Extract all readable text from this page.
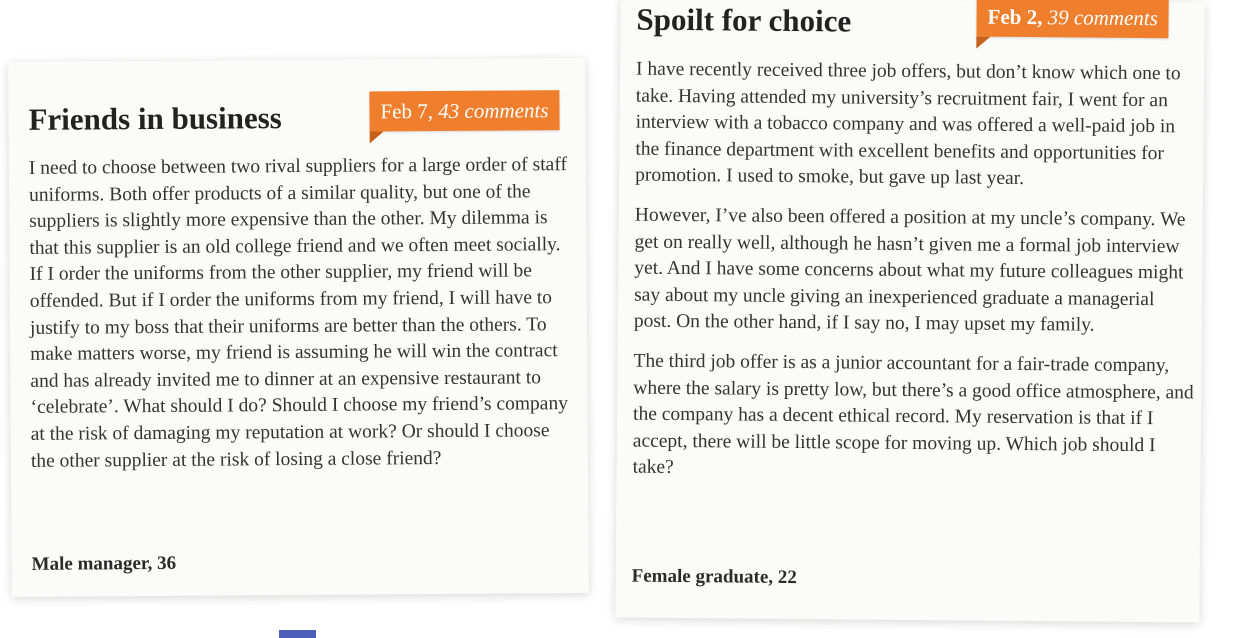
Friends in business	Feb 7, 43 comments

I need to choose between two rival suppliers for a large order of staff uniforms. Both offer products of a similar quality, but one of the suppliers is slightly more expensive than the other. My dilemma is that this supplier is an old college friend and we often meet socially. If I order the uniforms from the other supplier, my friend will be offended. But if I order the uniforms from my friend, I will have to justify to my boss that their uniforms are better than the others. To make matters worse, my friend is assuming he will win the contract and has already invited me to dinner at an expensive restaurant to ‘celebrate’. What should I do? Should I choose my friend’s company at the risk of damaging my reputation at work? Or should I choose the other supplier at the risk of losing a close friend?

Male manager, 36
Spoilt for choice	Feb 2, 39 comments

I have recently received three job offers, but don’t know which one to take. Having attended my university’s recruitment fair, I went for an interview with a tobacco company and was offered a well-paid job in the finance department with excellent benefits and opportunities for promotion. I used to smoke, but gave up last year.

However, I’ve also been offered a position at my uncle’s company. We get on really well, although he hasn’t given me a formal job interview yet. And I have some concerns about what my future colleagues might say about my uncle giving an inexperienced graduate a managerial post. On the other hand, if I say no, I may upset my family.

The third job offer is as a junior accountant for a fair-trade company, where the salary is pretty low, but there’s a good office atmosphere, and the company has a decent ethical record. My reservation is that if I accept, there will be little scope for moving up. Which job should I take?

Female graduate, 22
